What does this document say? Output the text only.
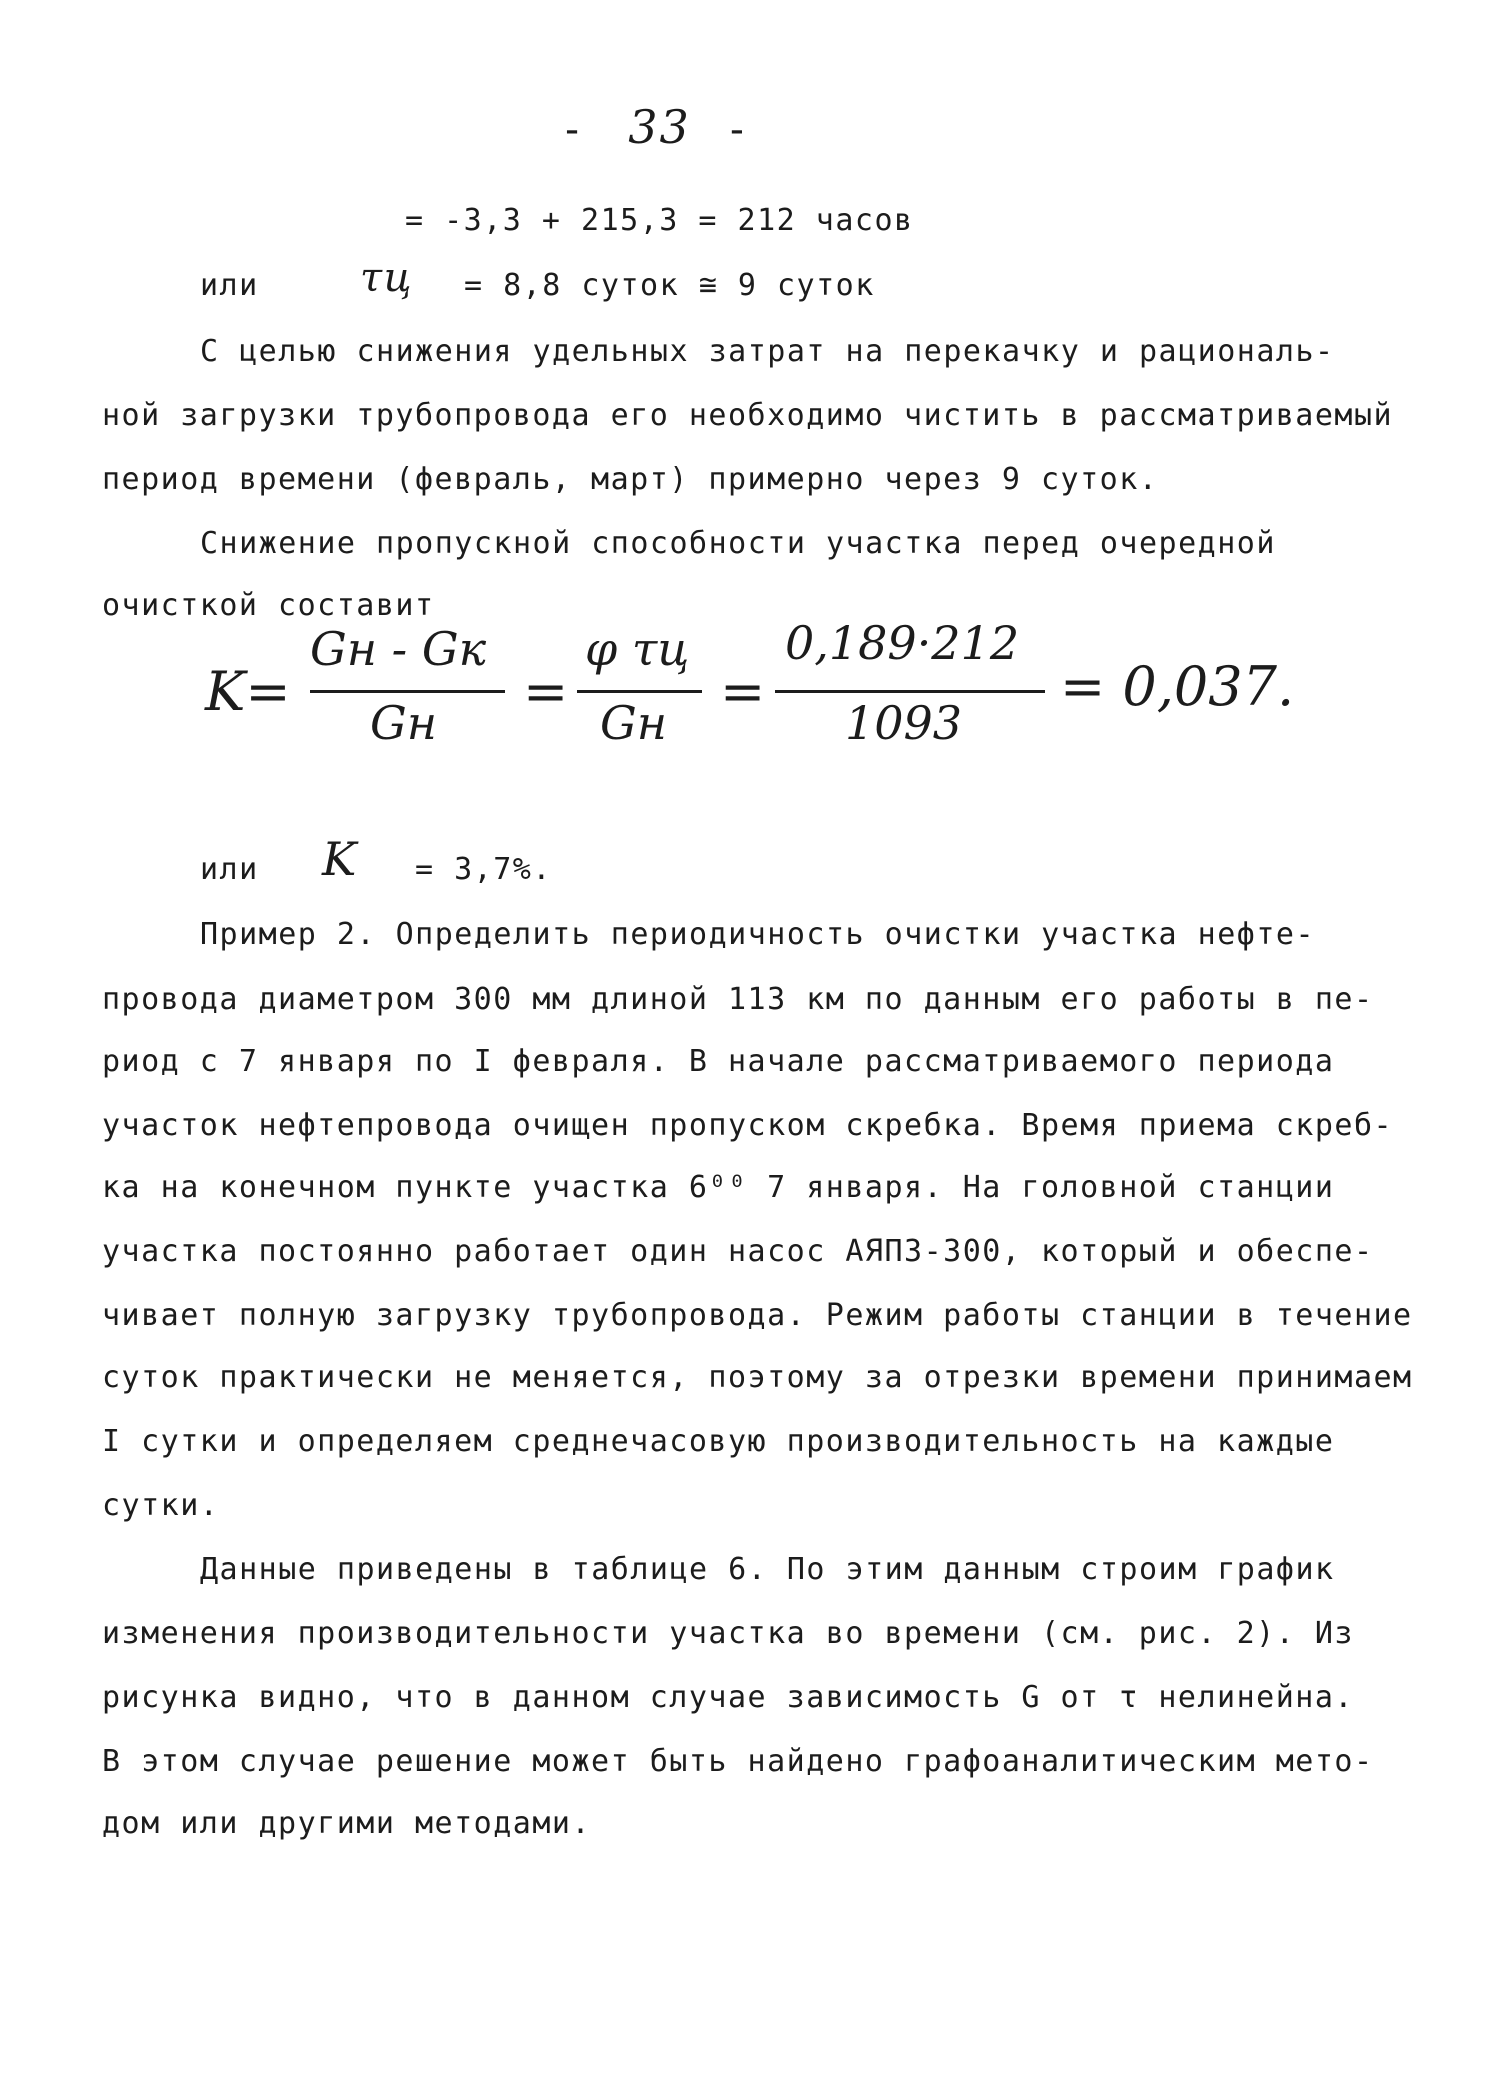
- 33 -
= -3,3 + 215,3 = 212 часов
или	τц = 8,8 суток ≅ 9 суток
С целью снижения удельных затрат на перекачку и рациональ-
ной загрузки трубопровода его необходимо чистить в рассматриваемый
период времени (февраль, март) примерно через 9 суток.
Снижение пропускной способности участка перед очередной
очисткой составит
K=
Gн - Gк
Gн =
φ τц
Gн =
0,189·212
1093
= 0,037.
или K = 3,7%.
Пример 2. Определить периодичность очистки участка нефте-
провода диаметром 300 мм длиной 113 км по данным его работы в пе-
риод с 7 января по I февраля. В начале рассматриваемого периода
участок нефтепровода очищен пропуском скребка. Время приема скреб-
ка на конечном пункте участка 6⁰⁰ 7 января. На головной станции
участка постоянно работает один насос АЯП3-300, который и обеспе-
чивает полную загрузку трубопровода. Режим работы станции в течение
суток практически не меняется, поэтому за отрезки времени принимаем
I сутки и определяем среднечасовую производительность на каждые
сутки.
Данные приведены в таблице 6. По этим данным строим график
изменения производительности участка во времени (см. рис. 2). Из
рисунка видно, что в данном случае зависимость G от τ нелинейна.
В этом случае решение может быть найдено графоаналитическим мето-
дом или другими методами.
